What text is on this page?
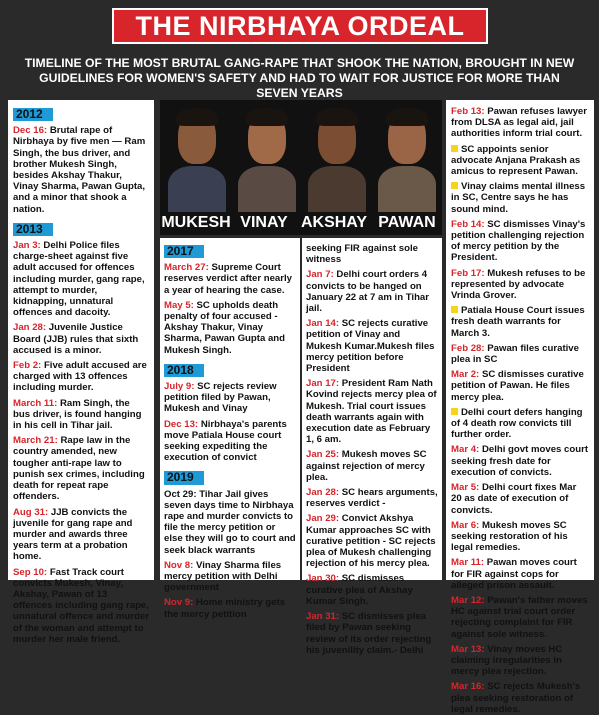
THE NIRBHAYA ORDEAL
TIMELINE OF THE MOST BRUTAL GANG-RAPE THAT SHOOK THE NATION, BROUGHT IN NEW GUIDELINES FOR WOMEN'S SAFETY AND HAD TO WAIT FOR JUSTICE FOR MORE THAN SEVEN YEARS
2012
Dec 16: Brutal rape of Nirbhaya by five men — Ram Singh, the bus driver, and brother Mukesh Singh, besides Akshay Thakur, Vinay Sharma, Pawan Gupta, and a minor that shook a nation.
2013
Jan 3: Delhi Police files charge-sheet against five adult accused for offences including murder, gang rape, attempt to murder, kidnapping, unnatural offences and dacoity.
Jan 28: Juvenile Justice Board (JJB) rules that sixth accused is a minor.
Feb 2: Five adult accused are charged with 13 offences including murder.
March 11: Ram Singh, the bus driver, is found hanging in his cell in Tihar jail.
March 21: Rape law in the country amended, new tougher anti-rape law to punish sex crimes, including death for repeat rape offenders.
Aug 31: JJB convicts the juvenile for gang rape and murder and awards three years term at a probation home.
Sep 10: Fast Track court convicts Mukesh, Vinay, Akshay, Pawan of 13 offences including gang rape, unnatural offence and murder of the woman and attempt to murder her male friend.
MUKESH VINAY AKSHAY PAWAN
2017
March 27: Supreme Court reserves verdict after nearly a year of hearing the case.
May 5: SC upholds death penalty of four accused - Akshay Thakur, Vinay Sharma, Pawan Gupta and Mukesh Singh.
2018
July 9: SC rejects review petition filed by Pawan, Mukesh and Vinay
Dec 13: Nirbhaya's parents move Patiala House court seeking expediting the execution of convict
2019
Oct 29: Tihar Jail gives seven days time to Nirbhaya rape and murder convicts to file the mercy petition or else they will go to court and seek black warrants
Nov 8: Vinay Sharma files mercy petition with Delhi government
Nov 9: Home ministry gets the mercy petition
seeking FIR against sole witness
Jan 7: Delhi court orders 4 convicts to be hanged on January 22 at 7 am in Tihar jail.
Jan 14: SC rejects curative petition of Vinay and Mukesh Kumar.Mukesh files mercy petition before President
Jan 17: President Ram Nath Kovind rejects mercy plea of Mukesh. Trial court issues death warrants again with execution date as February 1, 6 am.
Jan 25: Mukesh moves SC against rejection of mercy plea.
Jan 28: SC hears arguments, reserves verdict -
Jan 29: Convict Akshya Kumar approaches SC with curative petition - SC rejects plea of Mukesh challenging rejection of his mercy plea.
Jan 30: SC dismisses curative plea of Akshay Kumar Singh.
Jan 31: SC dismisses plea filed by Pawan seeking review of its order rejecting his juvenility claim.- Delhi
Feb 13: Pawan refuses lawyer from DLSA as legal aid, jail authorities inform trial court.
SC appoints senior advocate Anjana Prakash as amicus to represent Pawan.
Vinay claims mental illness in SC, Centre says he has sound mind.
Feb 14: SC dismisses Vinay's petition challenging rejection of mercy petition by the President.
Feb 17: Mukesh refuses to be represented by advocate Vrinda Grover.
Patiala House Court issues fresh death warrants for March 3.
Feb 28: Pawan files curative plea in SC
Mar 2: SC dismisses curative petition of Pawan. He files mercy plea.
Delhi court defers hanging of 4 death row convicts till further order.
Mar 4: Delhi govt moves court seeking fresh date for execution of convicts.
Mar 5: Delhi court fixes Mar 20 as date of execution of convicts.
Mar 6: Mukesh moves SC seeking restoration of his legal remedies.
Mar 11: Pawan moves court for FIR against cops for alleged prison assault.
Mar 12: Pawan's father moves HC against trial court order rejecting complaint for FIR against sole witness.
Mar 13: Vinay moves HC claiming irregularities in mercy plea rejection.
Mar 16: SC rejects Mukesh's plea seeking restoration of legal remedies.
